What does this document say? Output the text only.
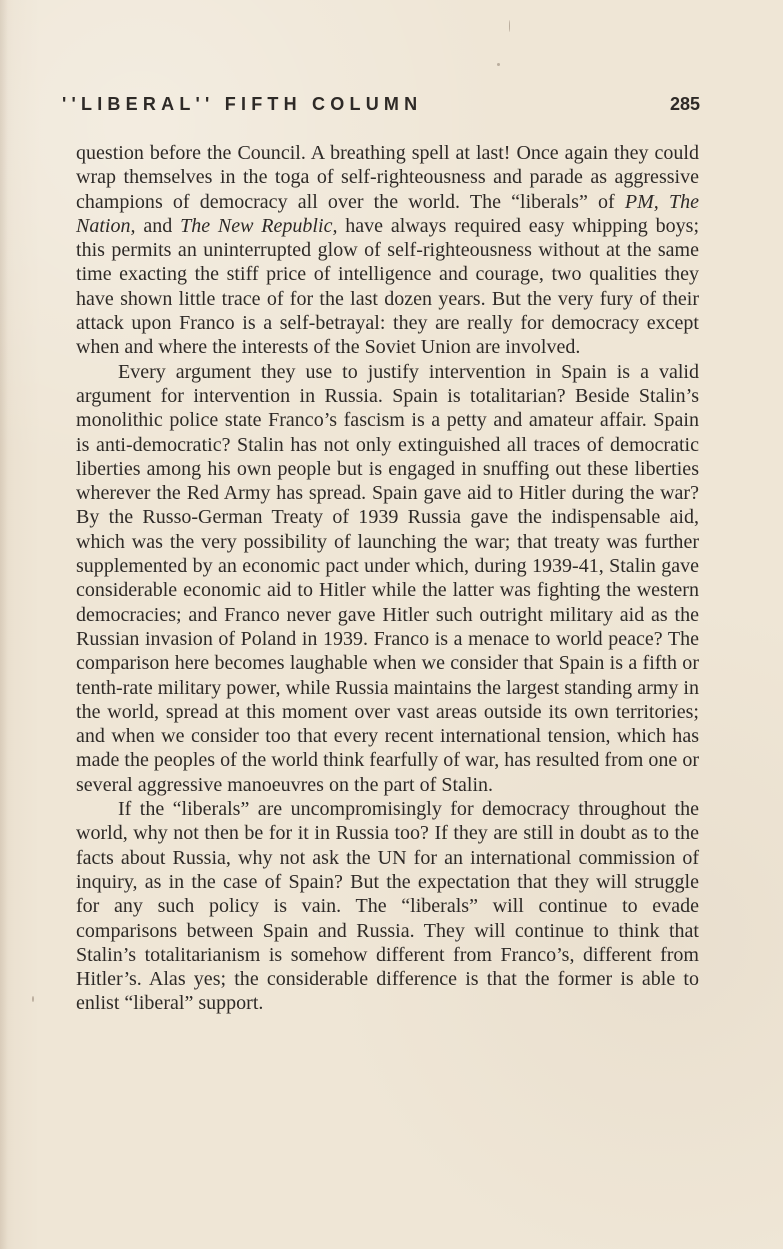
''LIBERAL'' FIFTH COLUMN	285

question before the Council. A breathing spell at last! Once again they could wrap themselves in the toga of self-righteousness and parade as aggressive champions of democracy all over the world. The “liberals” of PM, The Nation, and The New Republic, have always required easy whipping boys; this permits an uninterrupted glow of self-righteousness without at the same time exacting the stiff price of intelligence and courage, two qualities they have shown little trace of for the last dozen years. But the very fury of their attack upon Franco is a self-betrayal: they are really for democracy except when and where the interests of the Soviet Union are involved.

Every argument they use to justify intervention in Spain is a valid argument for intervention in Russia. Spain is totalitarian? Beside Stalin’s monolithic police state Franco’s fascism is a petty and amateur affair. Spain is anti-democratic? Stalin has not only extinguished all traces of democratic liberties among his own people but is engaged in snuffing out these liberties wherever the Red Army has spread. Spain gave aid to Hitler during the war? By the Russo-German Treaty of 1939 Russia gave the indispensable aid, which was the very possibility of launching the war; that treaty was further supplemented by an economic pact under which, during 1939-41, Stalin gave considerable economic aid to Hitler while the latter was fighting the western democracies; and Franco never gave Hitler such outright military aid as the Russian invasion of Poland in 1939. Franco is a menace to world peace? The comparison here becomes laughable when we consider that Spain is a fifth or tenth-rate military power, while Russia maintains the largest standing army in the world, spread at this moment over vast areas outside its own territories; and when we consider too that every recent international tension, which has made the peoples of the world think fearfully of war, has resulted from one or several aggressive manoeuvres on the part of Stalin.

If the “liberals” are uncompromisingly for democracy throughout the world, why not then be for it in Russia too? If they are still in doubt as to the facts about Russia, why not ask the UN for an international commission of inquiry, as in the case of Spain? But the expectation that they will struggle for any such policy is vain. The “liberals” will continue to evade comparisons between Spain and Russia. They will continue to think that Stalin’s totalitarianism is somehow different from Franco’s, different from Hitler’s. Alas yes; the considerable difference is that the former is able to enlist “liberal” support.
